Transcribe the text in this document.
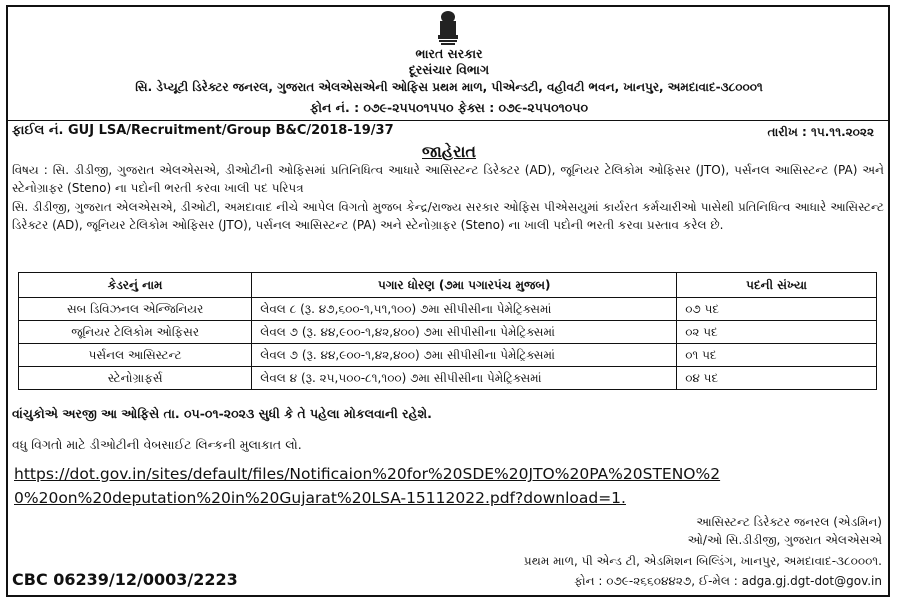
ભારત સરકાર
દૂરસંચાર વિભાગ
સિ. ડેપ્યૂટી ડિરેક્ટર જનરલ, ગુજરાત એલએસએની ઓફિસ પ્રથમ માળ, પીએન્ડટી, વહીવટી ભવન, ખાનપુર, અમદાવાદ-૩૮૦૦૦૧
ફોન નં. : ૦૭૯-૨૫૫૦૧૫૫૦ ફેક્સ : ૦૭૯-૨૫૫૦૧૦૫૦
ફાઈલ નં. GUJ LSA/Recruitment/Group B&C/2018-19/37	તારીખ : ૧૫.૧૧.૨૦૨૨
જાહેરાત
વિષય : સિ. ડીડીજી, ગુજરાત એલએસએ, ડીઓટીની ઓફિસમાં પ્રતિનિધિત્વ આધારે આસિસ્ટન્ટ ડિરેક્ટર (AD), જૂનિયર ટેલિકોમ ઓફિસર (JTO), પર્સનલ આસિસ્ટન્ટ (PA) અને સ્ટેનોગ્રાફર (Steno) ના પદોની ભરતી કરવા ખાલી પદ પરિપત્ર
સિ. ડીડીજી, ગુજરાત એલએસએ, ડીઓટી, અમદાવાદ નીચે આપેલ વિગતો મુજબ કેન્દ્ર/રાજ્ય સરકાર ઓફિસ પીએસયુમાં કાર્યરત કર્મચારીઓ પાસેથી પ્રતિનિધિત્વ આધારે આસિસ્ટન્ટ ડિરેક્ટર (AD), જૂનિયર ટેલિકોમ ઓફિસર (JTO), પર્સનલ આસિસ્ટન્ટ (PA) અને સ્ટેનોગ્રાફર (Steno) ના ખાલી પદોની ભરતી કરવા પ્રસ્તાવ કરેલ છે.
કેડરનું નામ	પગાર ધોરણ (૭મા પગારપંચ મુજબ)	પદની સંખ્યા
સબ ડિવિઝનલ એન્જિનિયર	લેવલ ૮ (રૂ. ૪૭,૬૦૦-૧,૫૧,૧૦૦) ૭મા સીપીસીના પેમેટ્રિક્સમાં	૦૭ પદ
જૂનિયર ટેલિકોમ ઓફિસર	લેવલ ૭ (રૂ. ૪૪,૯૦૦-૧,૪૨,૪૦૦) ૭મા સીપીસીના પેમેટ્રિક્સમાં	૦૨ પદ
પર્સનલ આસિસ્ટન્ટ	લેવલ ૭ (રૂ. ૪૪,૯૦૦-૧,૪૨,૪૦૦) ૭મા સીપીસીના પેમેટ્રિક્સમાં	૦૧ પદ
સ્ટેનોગ્રાફર્સ	લેવલ ૪ (રૂ. ૨૫,૫૦૦-૮૧,૧૦૦) ૭મા સીપીસીના પેમેટ્રિક્સમાં	૦૪ પદ
વાંચુકોએ અરજી આ ઓફિસે તા. ૦૫-૦૧-૨૦૨૩ સુધી કે તે પહેલા મોકલવાની રહેશે.
વધુ વિગતો માટે ડીઓટીની વેબસાઈટ લિન્કની મુલાકાત લો.
https://dot.gov.in/sites/default/files/Notificaion%20for%20SDE%20JTO%20PA%20STENO%2
0%20on%20deputation%20in%20Gujarat%20LSA-15112022.pdf?download=1.
આસિસ્ટન્ટ ડિરેક્ટર જનરલ (એડમિન)
ઓ/ઓ સિ.ડીડીજી, ગુજરાત એલએસએ
પ્રથમ માળ, પી એન્ડ ટી, એડમિશન બિલ્ડિંગ, ખાનપુર, અમદાવાદ-૩૮૦૦૦૧.
ફોન : ૦૭૯-૨૬૬૦૪૪૨૭, ઈ-મેલ : adga.gj.dgt-dot@gov.in
CBC 06239/12/0003/2223
